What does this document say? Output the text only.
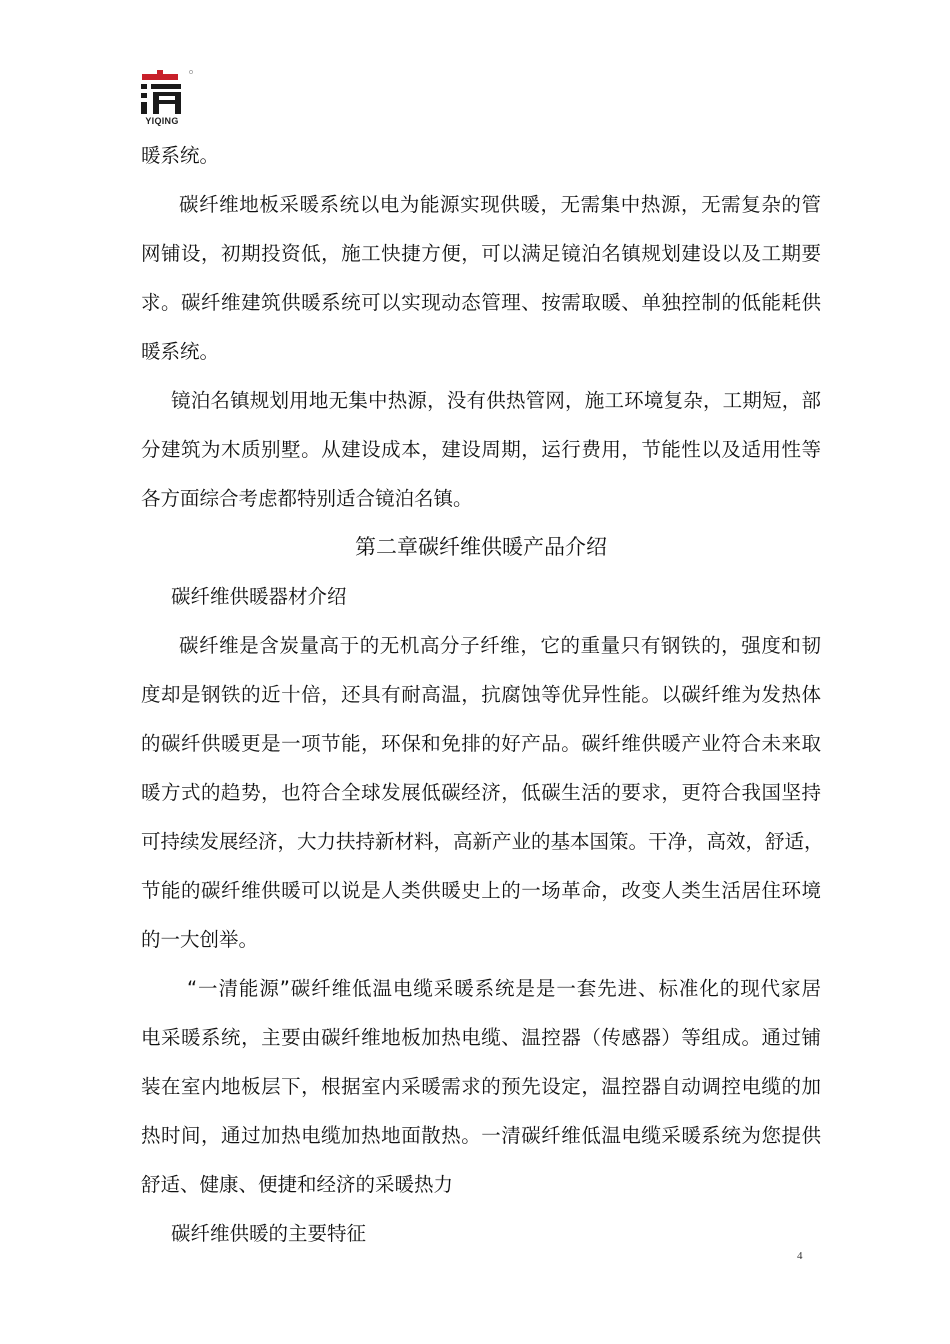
YIQING
暖系统。
碳纤维地板采暖系统以电为能源实现供暖，无需集中热源，无需复杂的管
网铺设，初期投资低，施工快捷方便，可以满足镜泊名镇规划建设以及工期要
求。碳纤维建筑供暖系统可以实现动态管理、按需取暖、单独控制的低能耗供
暖系统。
镜泊名镇规划用地无集中热源，没有供热管网，施工环境复杂，工期短，部
分建筑为木质别墅。从建设成本，建设周期，运行费用，节能性以及适用性等
各方面综合考虑都特别适合镜泊名镇。
第二章碳纤维供暖产品介绍
碳纤维供暖器材介绍
碳纤维是含炭量高于的无机高分子纤维，它的重量只有钢铁的，强度和韧
度却是钢铁的近十倍，还具有耐高温，抗腐蚀等优异性能。以碳纤维为发热体
的碳纤供暖更是一项节能，环保和免排的好产品。碳纤维供暖产业符合未来取
暖方式的趋势，也符合全球发展低碳经济，低碳生活的要求，更符合我国坚持
可持续发展经济，大力扶持新材料，高新产业的基本国策。干净，高效，舒适，
节能的碳纤维供暖可以说是人类供暖史上的一场革命，改变人类生活居住环境
的一大创举。
“一清能源”碳纤维低温电缆采暖系统是是一套先进、标准化的现代家居
电采暖系统，主要由碳纤维地板加热电缆、温控器（传感器）等组成。通过铺
装在室内地板层下，根据室内采暖需求的预先设定，温控器自动调控电缆的加
热时间，通过加热电缆加热地面散热。一清碳纤维低温电缆采暖系统为您提供
舒适、健康、便捷和经济的采暖热力
碳纤维供暖的主要特征
4
